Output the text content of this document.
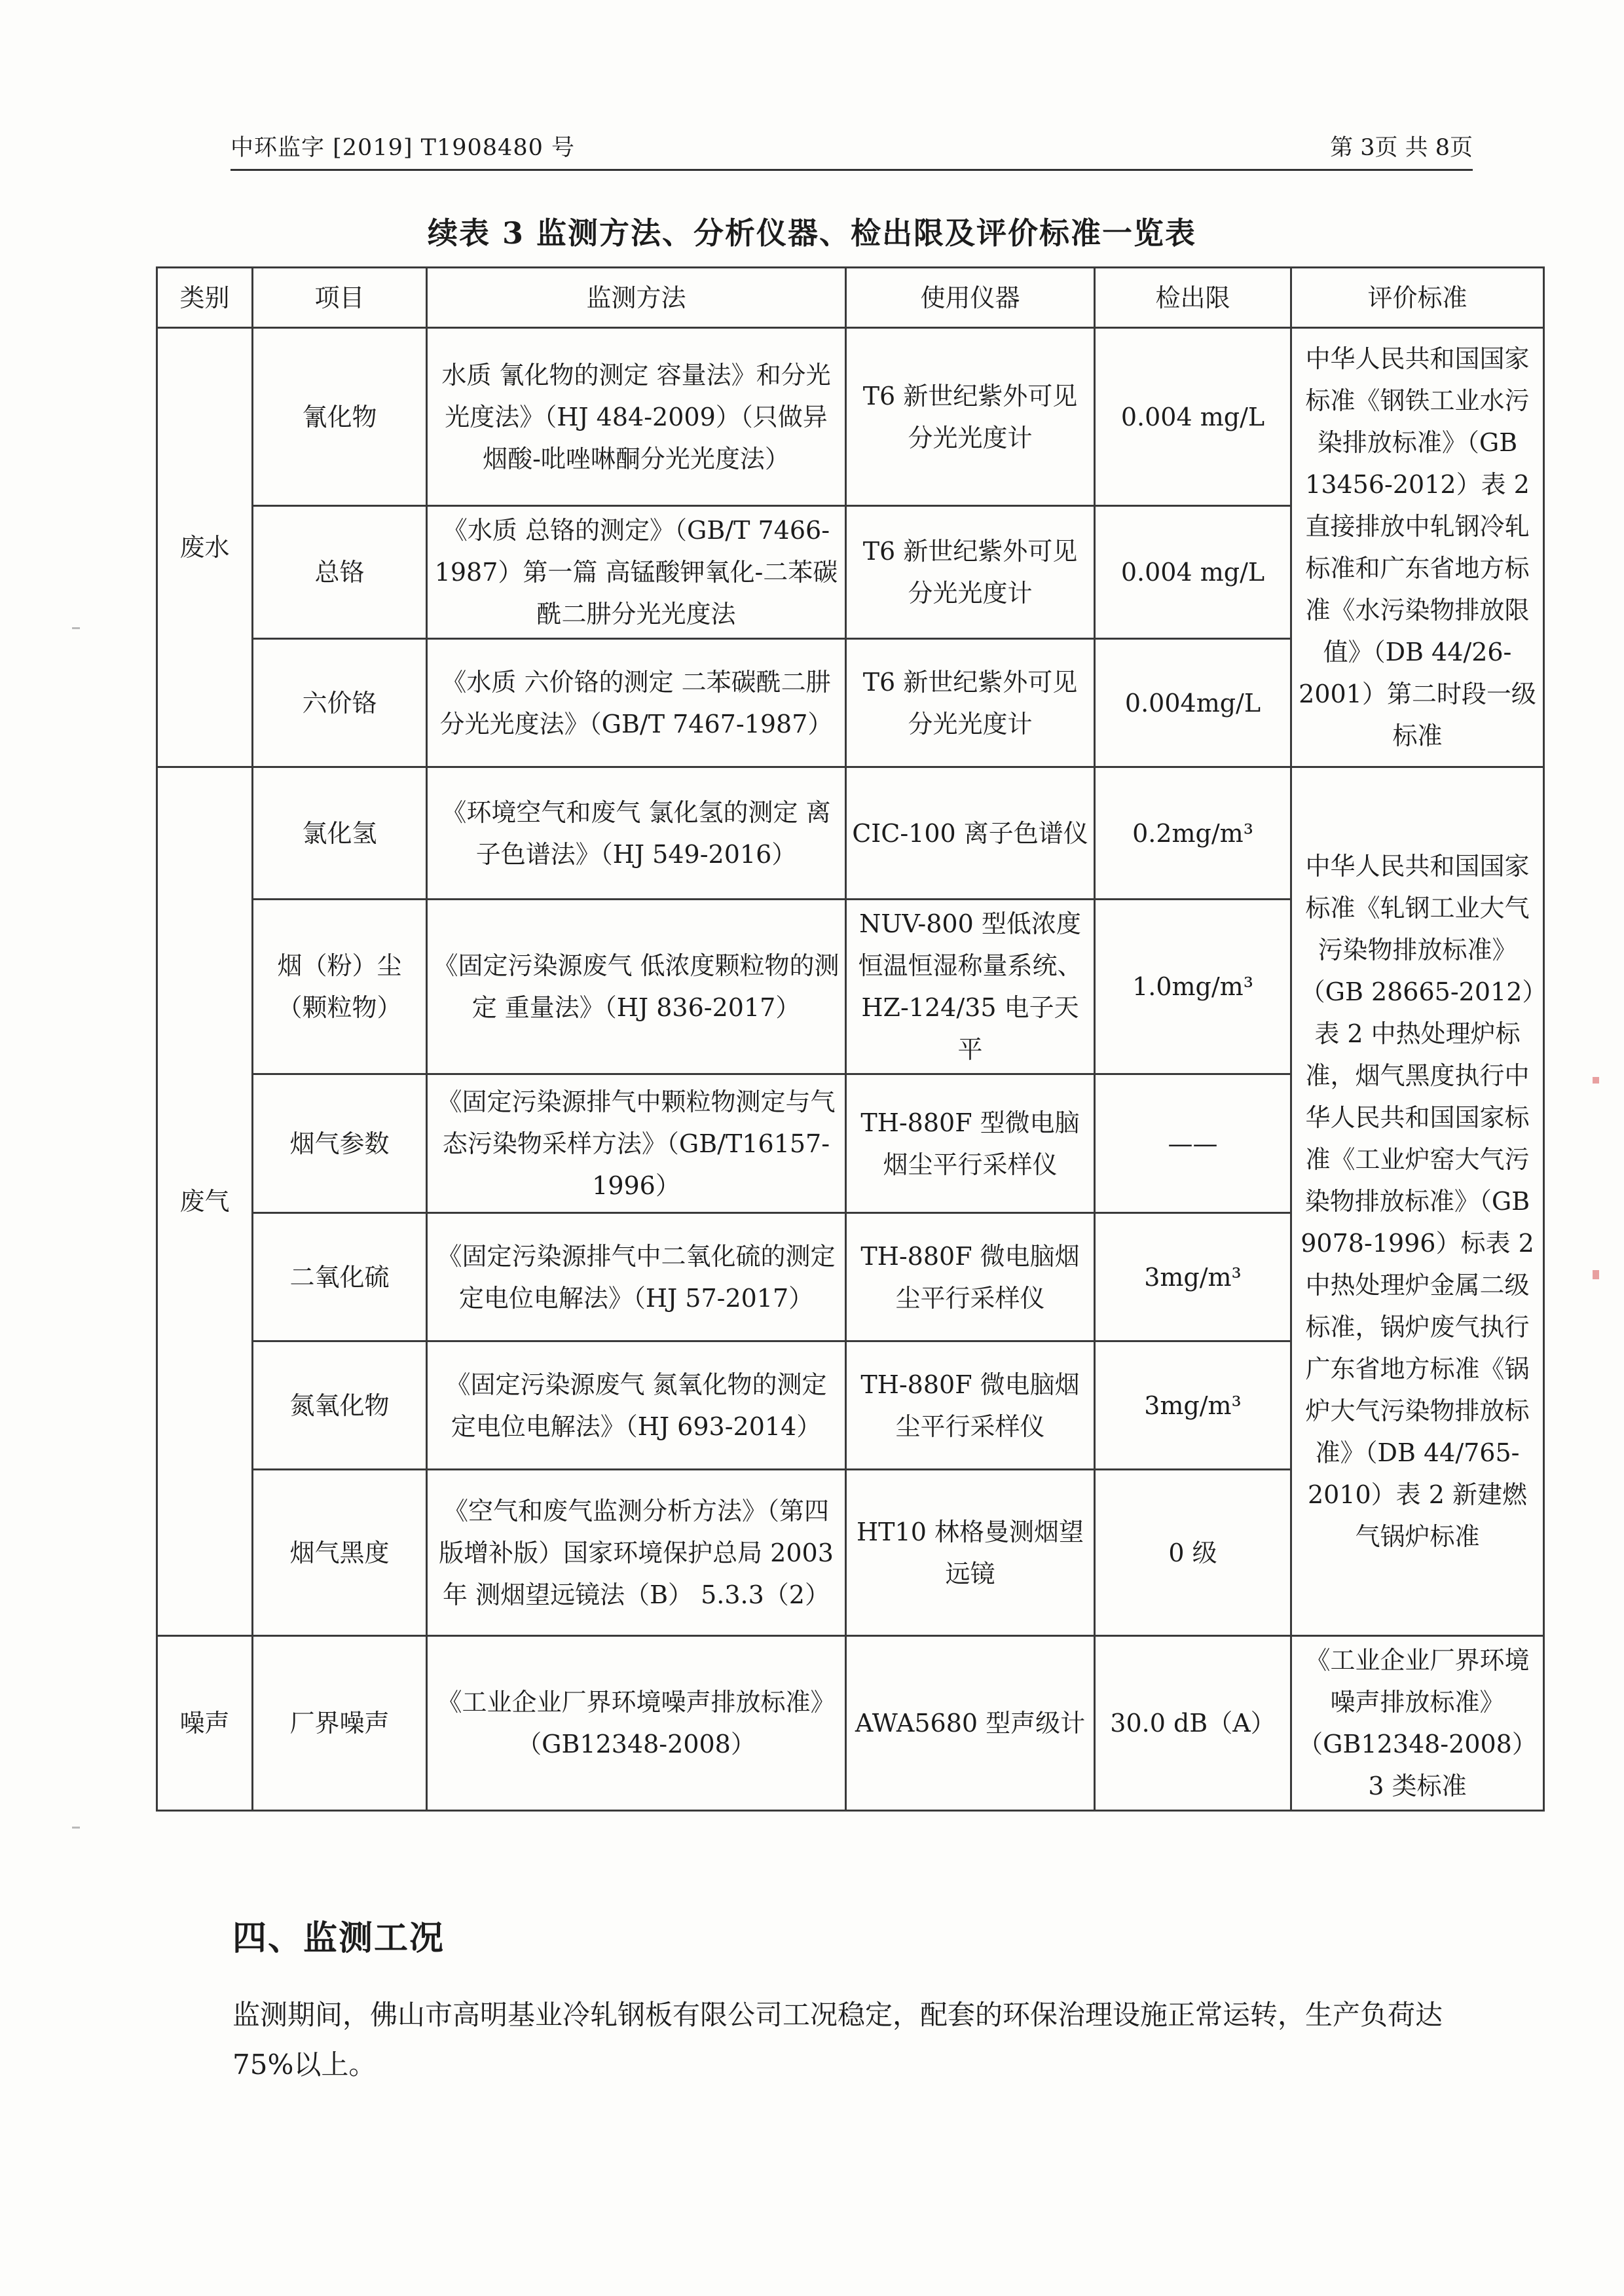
中环监字 [2019] T1908480 号	第 3页 共 8页
续表 3 监测方法、分析仪器、检出限及评价标准一览表
类别	项目	监测方法	使用仪器	检出限	评价标准
废水	氰化物	水质 氰化物的测定 容量法》和分光光度法》（HJ 484-2009）（只做异烟酸-吡唑啉酮分光光度法）	T6 新世纪紫外可见分光光度计	0.004 mg/L	中华人民共和国国家标准《钢铁工业水污染排放标准》（GB 13456-2012）表 2 直接排放中轧钢冷轧标准和广东省地方标准《水污染物排放限值》（DB 44/26-2001）第二时段一级标准
	总铬	《水质 总铬的测定》（GB/T 7466-1987）第一篇 高锰酸钾氧化-二苯碳酰二肼分光光度法	T6 新世纪紫外可见分光光度计	0.004 mg/L	
	六价铬	《水质 六价铬的测定 二苯碳酰二肼分光光度法》（GB/T 7467-1987）	T6 新世纪紫外可见分光光度计	0.004mg/L	
废气	氯化氢	《环境空气和废气 氯化氢的测定 离子色谱法》（HJ 549-2016）	CIC-100 离子色谱仪	0.2mg/m³	中华人民共和国国家标准《轧钢工业大气污染物排放标准》（GB 28665-2012）表 2 中热处理炉标准，烟气黑度执行中华人民共和国国家标准《工业炉窑大气污染物排放标准》（GB 9078-1996）标表 2 中热处理炉金属二级标准，锅炉废气执行广东省地方标准《锅炉大气污染物排放标准》（DB 44/765-2010）表 2 新建燃气锅炉标准
	烟（粉）尘（颗粒物）	《固定污染源废气 低浓度颗粒物的测定 重量法》（HJ 836-2017）	NUV-800 型低浓度恒温恒湿称量系统、HZ-124/35 电子天平	1.0mg/m³	
	烟气参数	《固定污染源排气中颗粒物测定与气态污染物采样方法》（GB/T16157-1996）	TH-880F 型微电脑烟尘平行采样仪	——	
	二氧化硫	《固定污染源排气中二氧化硫的测定 定电位电解法》（HJ 57-2017）	TH-880F 微电脑烟尘平行采样仪	3mg/m³	
	氮氧化物	《固定污染源废气 氮氧化物的测定 定电位电解法》（HJ 693-2014）	TH-880F 微电脑烟尘平行采样仪	3mg/m³	
	烟气黑度	《空气和废气监测分析方法》（第四版增补版）国家环境保护总局 2003 年 测烟望远镜法（B） 5.3.3（2）	HT10 林格曼测烟望远镜	0 级	
噪声	厂界噪声	《工业企业厂界环境噪声排放标准》（GB12348-2008）	AWA5680 型声级计	30.0 dB（A）	《工业企业厂界环境噪声排放标准》（GB12348-2008）3 类标准
四、监测工况
监测期间，佛山市高明基业冷轧钢板有限公司工况稳定，配套的环保治理设施正常运转，生产负荷达 75%以上。
